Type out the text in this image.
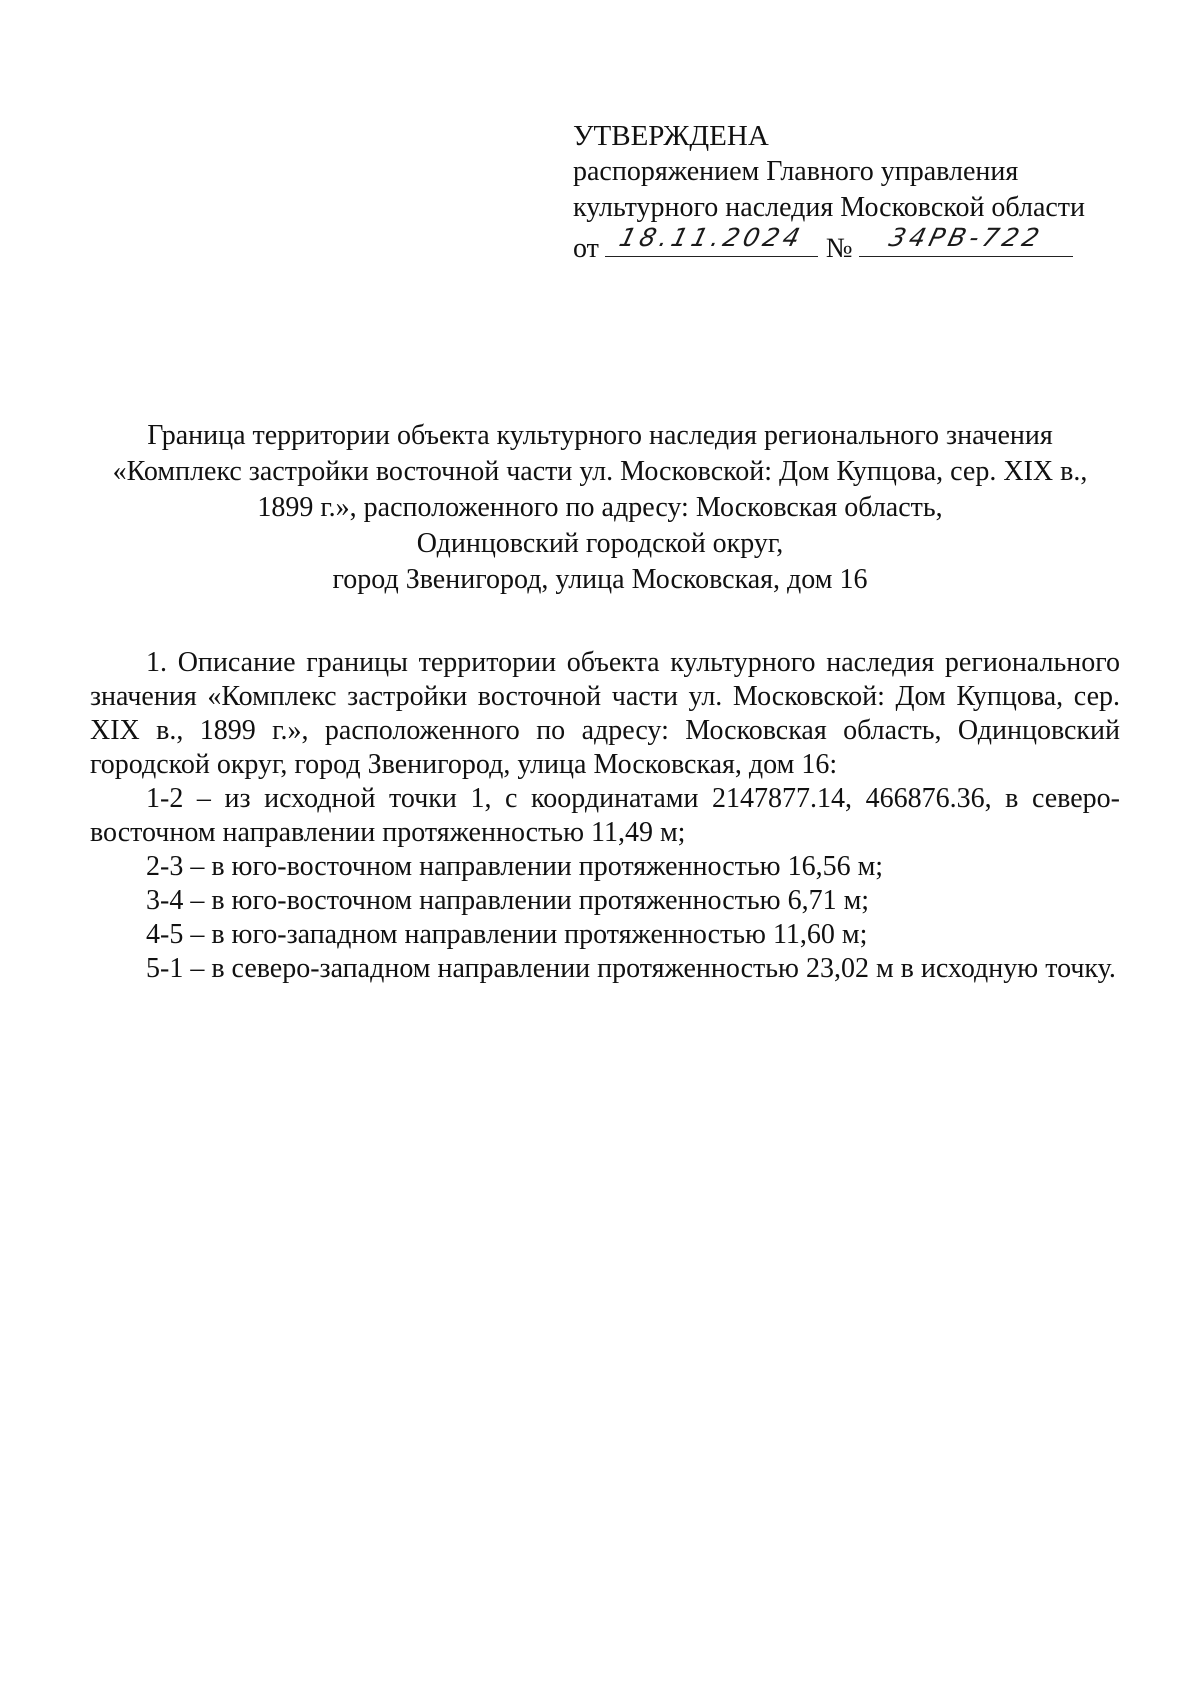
УТВЕРЖДЕНА
распоряжением Главного управления
культурного наследия Московской области
от 18.11.2024 №	34РВ-722
Граница территории объекта культурного наследия регионального значения
«Комплекс застройки восточной части ул. Московской: Дом Купцова, сер. XIX в.,
1899 г.», расположенного по адресу: Московская область,
Одинцовский городской округ,
город Звенигород, улица Московская, дом 16

1. Описание границы территории объекта культурного наследия регионального значения «Комплекс застройки восточной части ул. Московской: Дом Купцова, сер. XIX в., 1899 г.», расположенного по адресу: Московская область, Одинцовский городской округ, город Звенигород, улица Московская, дом 16:

1-2 – из исходной точки 1, с координатами 2147877.14, 466876.36, в северо-восточном направлении протяженностью 11,49 м;

2-3 – в юго-восточном направлении протяженностью 16,56 м;

3-4 – в юго-восточном направлении протяженностью 6,71 м;

4-5 – в юго-западном направлении протяженностью 11,60 м;

5-1 – в северо-западном направлении протяженностью 23,02 м в исходную точку.
